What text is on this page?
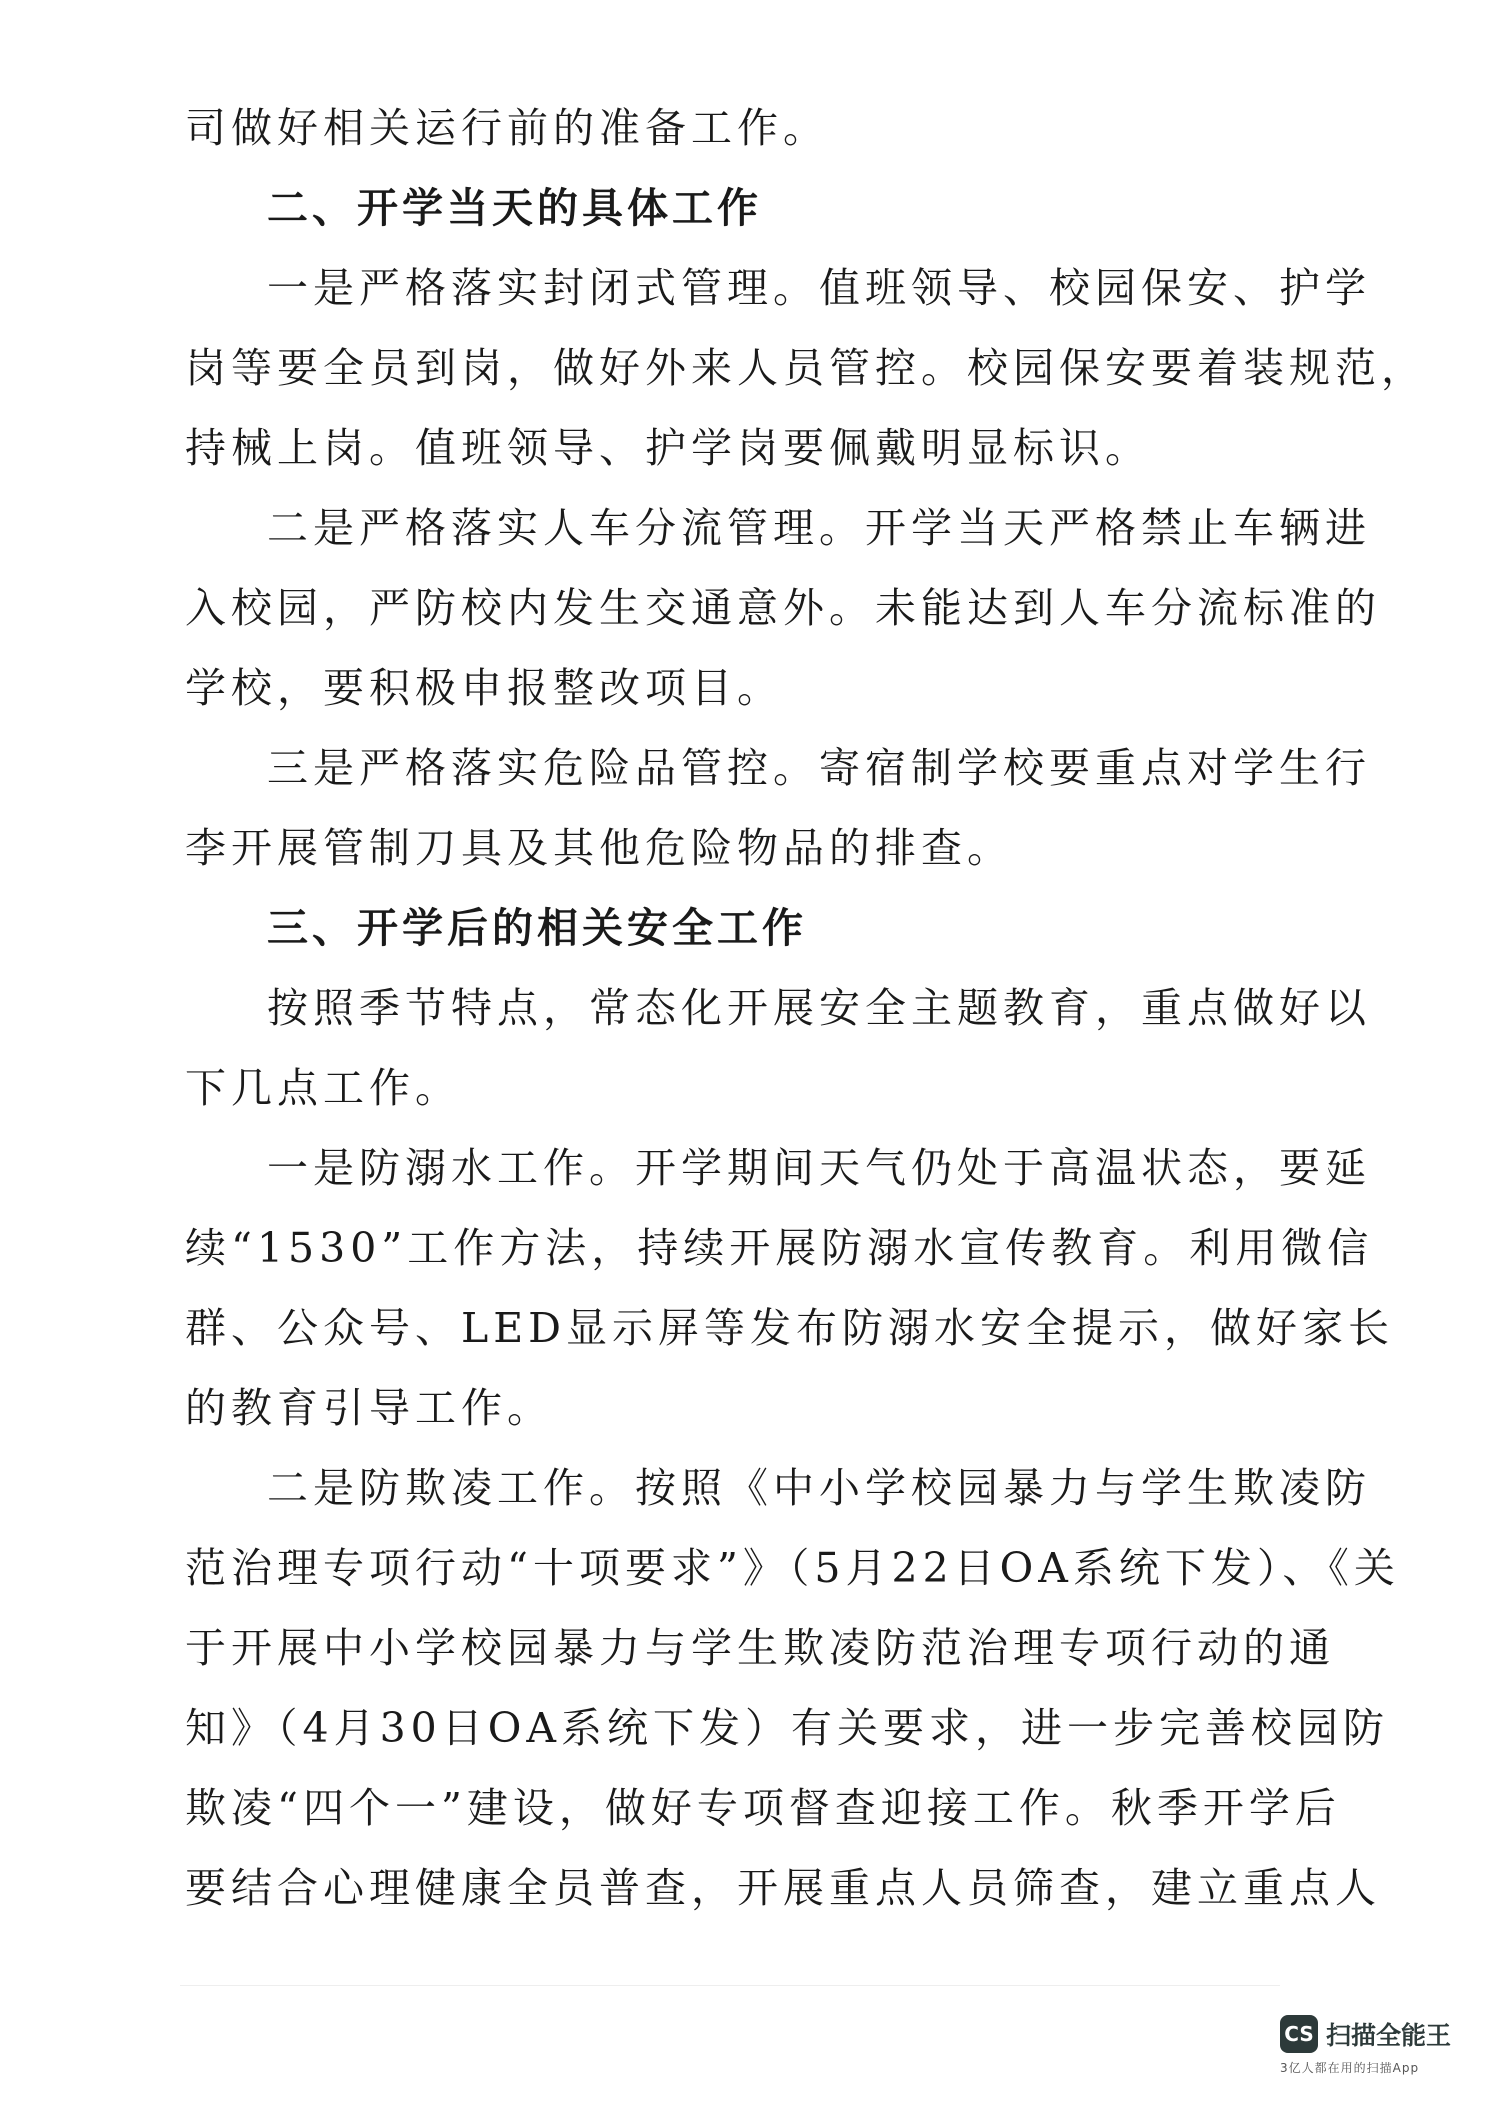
司做好相关运行前的准备工作。
二、开学当天的具体工作
一是严格落实封闭式管理。值班领导、校园保安、护学
岗等要全员到岗，做好外来人员管控。校园保安要着装规范，
持械上岗。值班领导、护学岗要佩戴明显标识。
二是严格落实人车分流管理。开学当天严格禁止车辆进
入校园，严防校内发生交通意外。未能达到人车分流标准的
学校，要积极申报整改项目。
三是严格落实危险品管控。寄宿制学校要重点对学生行
李开展管制刀具及其他危险物品的排查。
三、开学后的相关安全工作
按照季节特点，常态化开展安全主题教育，重点做好以
下几点工作。
一是防溺水工作。开学期间天气仍处于高温状态，要延
续“1530”工作方法，持续开展防溺水宣传教育。利用微信
群、公众号、LED显示屏等发布防溺水安全提示，做好家长
的教育引导工作。
二是防欺凌工作。按照《中小学校园暴力与学生欺凌防
范治理专项行动“十项要求”》（5月22日OA系统下发）、《关
于开展中小学校园暴力与学生欺凌防范治理专项行动的通
知》（4月30日OA系统下发）有关要求，进一步完善校园防
欺凌“四个一”建设，做好专项督查迎接工作。秋季开学后
要结合心理健康全员普查，开展重点人员筛查，建立重点人
CS 扫描全能王
3亿人都在用的扫描App
